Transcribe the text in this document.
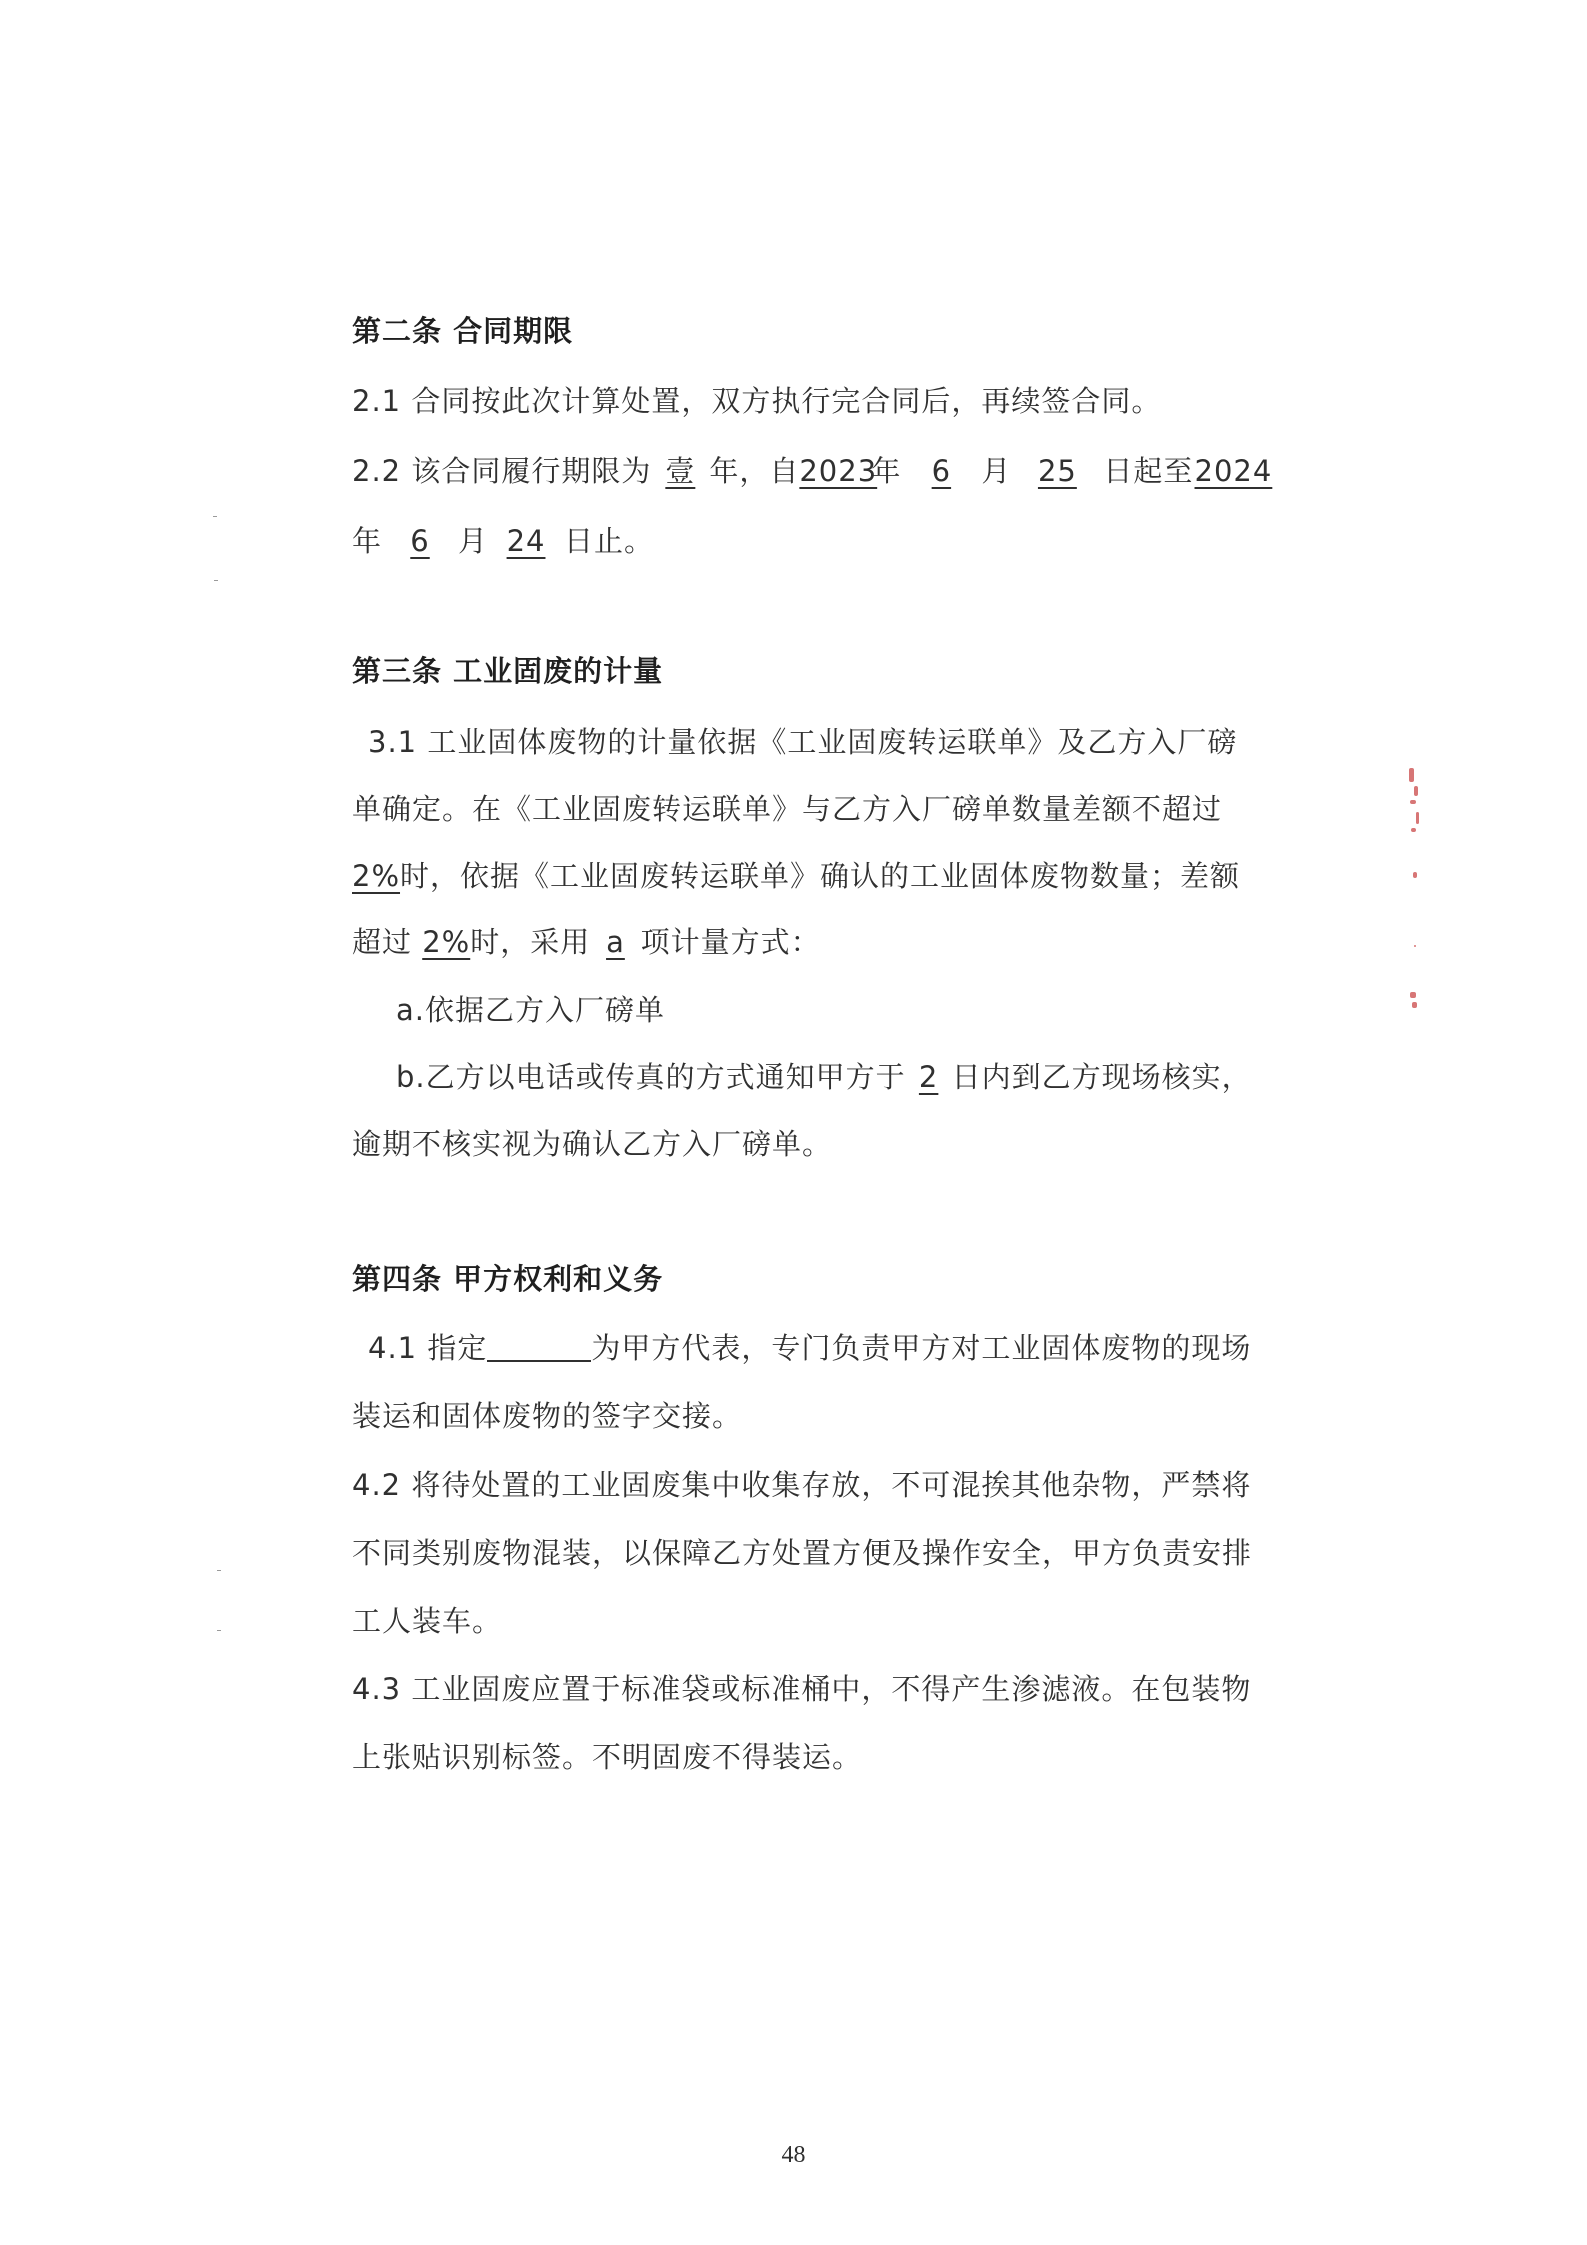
第二条 合同期限
2.1 合同按此次计算处置，双方执行完合同后，再续签合同。
2.2 该合同履行期限为 壹 年，自2023年 6 月 25 日起至2024
年 6 月 24 日止。
第三条 工业固废的计量
3.1 工业固体废物的计量依据《工业固废转运联单》及乙方入厂磅
单确定。在《工业固废转运联单》与乙方入厂磅单数量差额不超过
2%时，依据《工业固废转运联单》确认的工业固体废物数量；差额
超过 2%时，采用 a 项计量方式：
a.依据乙方入厂磅单
b.乙方以电话或传真的方式通知甲方于 2 日内到乙方现场核实，
逾期不核实视为确认乙方入厂磅单。
第四条 甲方权利和义务
4.1 指定	为甲方代表，专门负责甲方对工业固体废物的现场
装运和固体废物的签字交接。
4.2 将待处置的工业固废集中收集存放，不可混挨其他杂物，严禁将
不同类别废物混装，以保障乙方处置方便及操作安全，甲方负责安排
工人装车。
4.3 工业固废应置于标准袋或标准桶中，不得产生渗滤液。在包装物
上张贴识别标签。不明固废不得装运。
48
